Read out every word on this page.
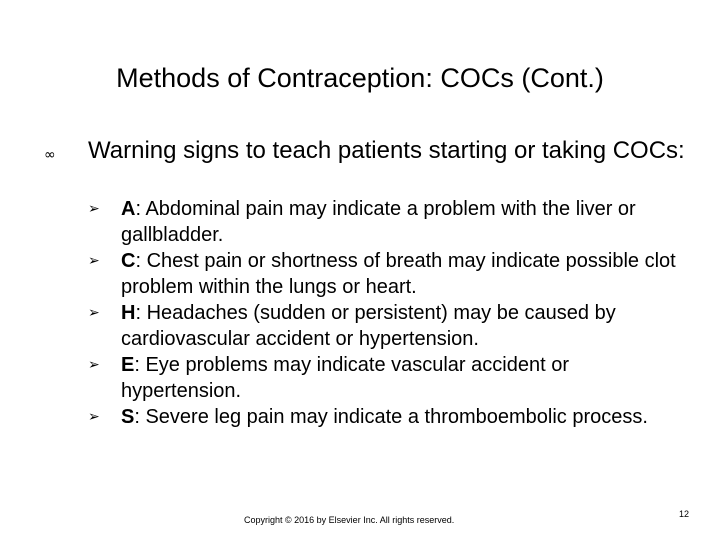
Methods of Contraception: COCs (Cont.)
∞ Warning signs to teach patients starting or taking COCs:
➢ A: Abdominal pain may indicate a problem with the liver or gallbladder.
➢ C: Chest pain or shortness of breath may indicate possible clot problem within the lungs or heart.
➢ H: Headaches (sudden or persistent) may be caused by cardiovascular accident or hypertension.
➢ E: Eye problems may indicate vascular accident or hypertension.
➢ S: Severe leg pain may indicate a thromboembolic process.
Copyright © 2016 by Elsevier Inc. All rights reserved.
12
